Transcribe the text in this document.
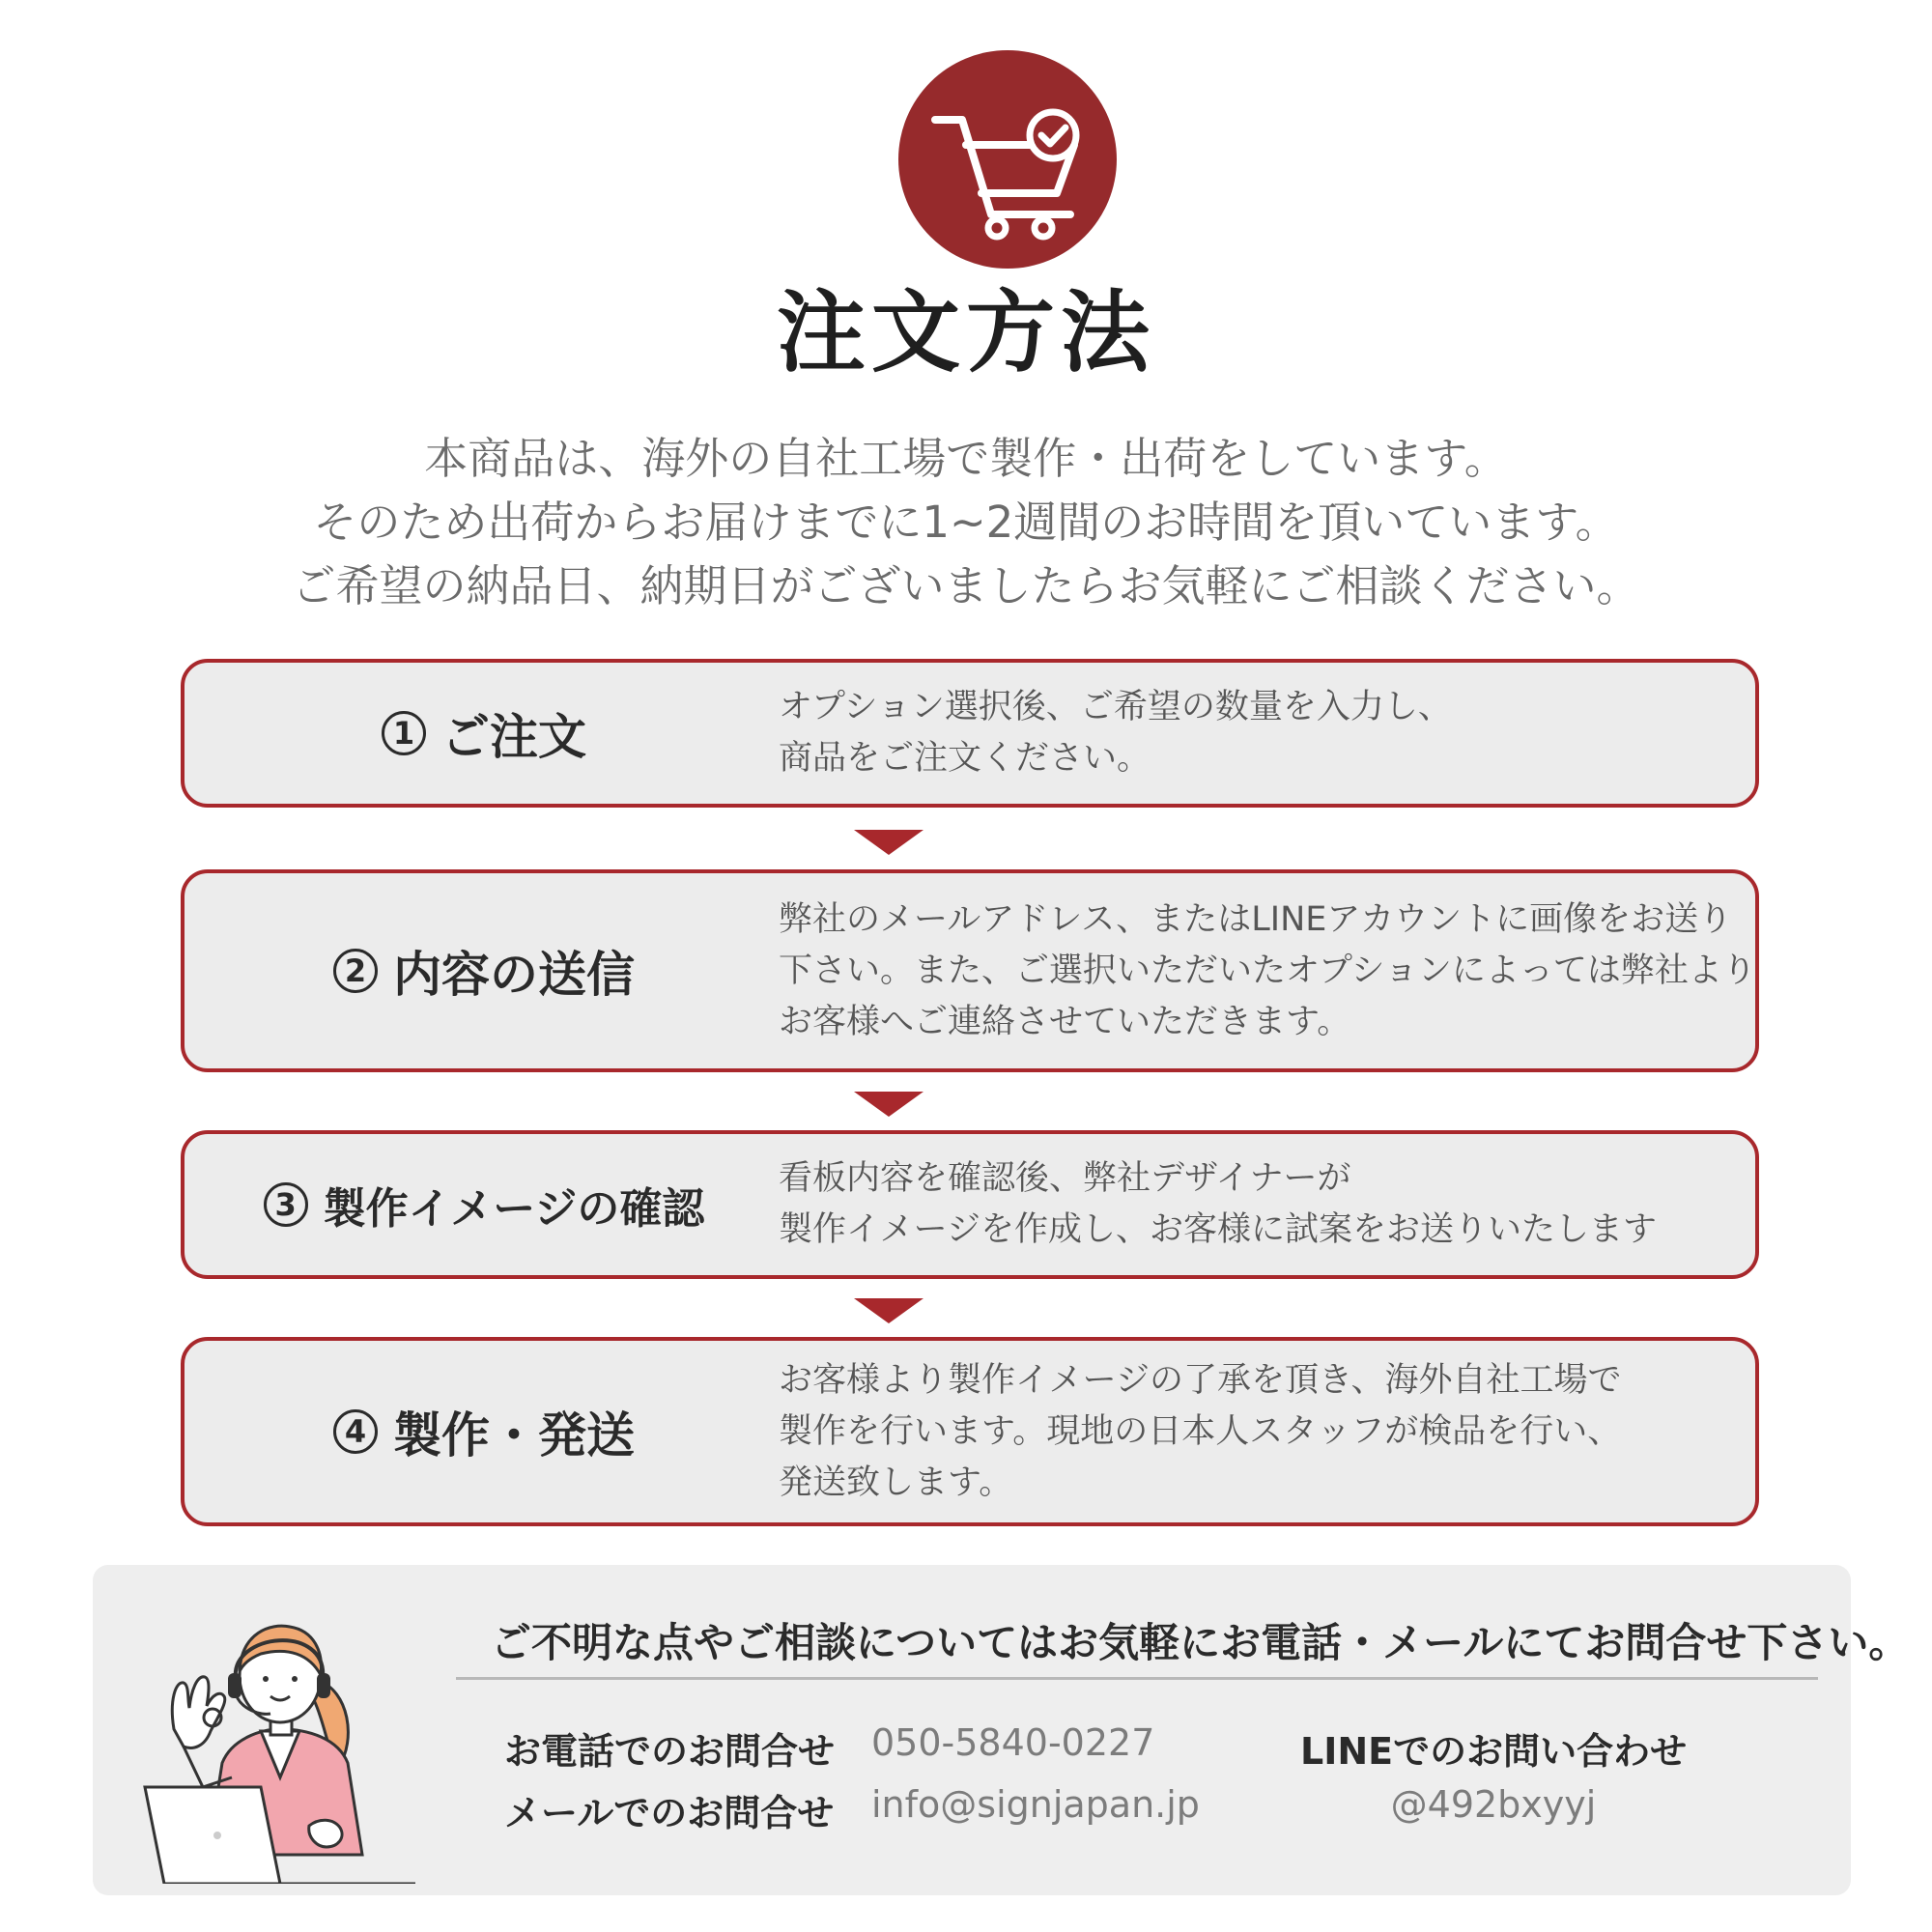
注文方法
本商品は、海外の自社工場で製作・出荷をしています。
そのため出荷からお届けまでに1~2週間のお時間を頂いています。
ご希望の納品日、納期日がございましたらお気軽にご相談ください。
1 ご注文
オプション選択後、ご希望の数量を入力し、
商品をご注文ください。
2 内容の送信
弊社のメールアドレス、またはLINEアカウントに画像をお送り
下さい。また、ご選択いただいたオプションによっては弊社より
お客様へご連絡させていただきます。
3 製作イメージの確認
看板内容を確認後、弊社デザイナーが
製作イメージを作成し、お客様に試案をお送りいたします
4 製作・発送
お客様より製作イメージの了承を頂き、海外自社工場で
製作を行います。現地の日本人スタッフが検品を行い、
発送致します。
ご不明な点やご相談についてはお気軽にお電話・メールにてお問合せ下さい。
お電話でのお問合せ 050-5840-0227
メールでのお問合せ info@signjapan.jp
LINEでのお問い合わせ
@492bxyyj
